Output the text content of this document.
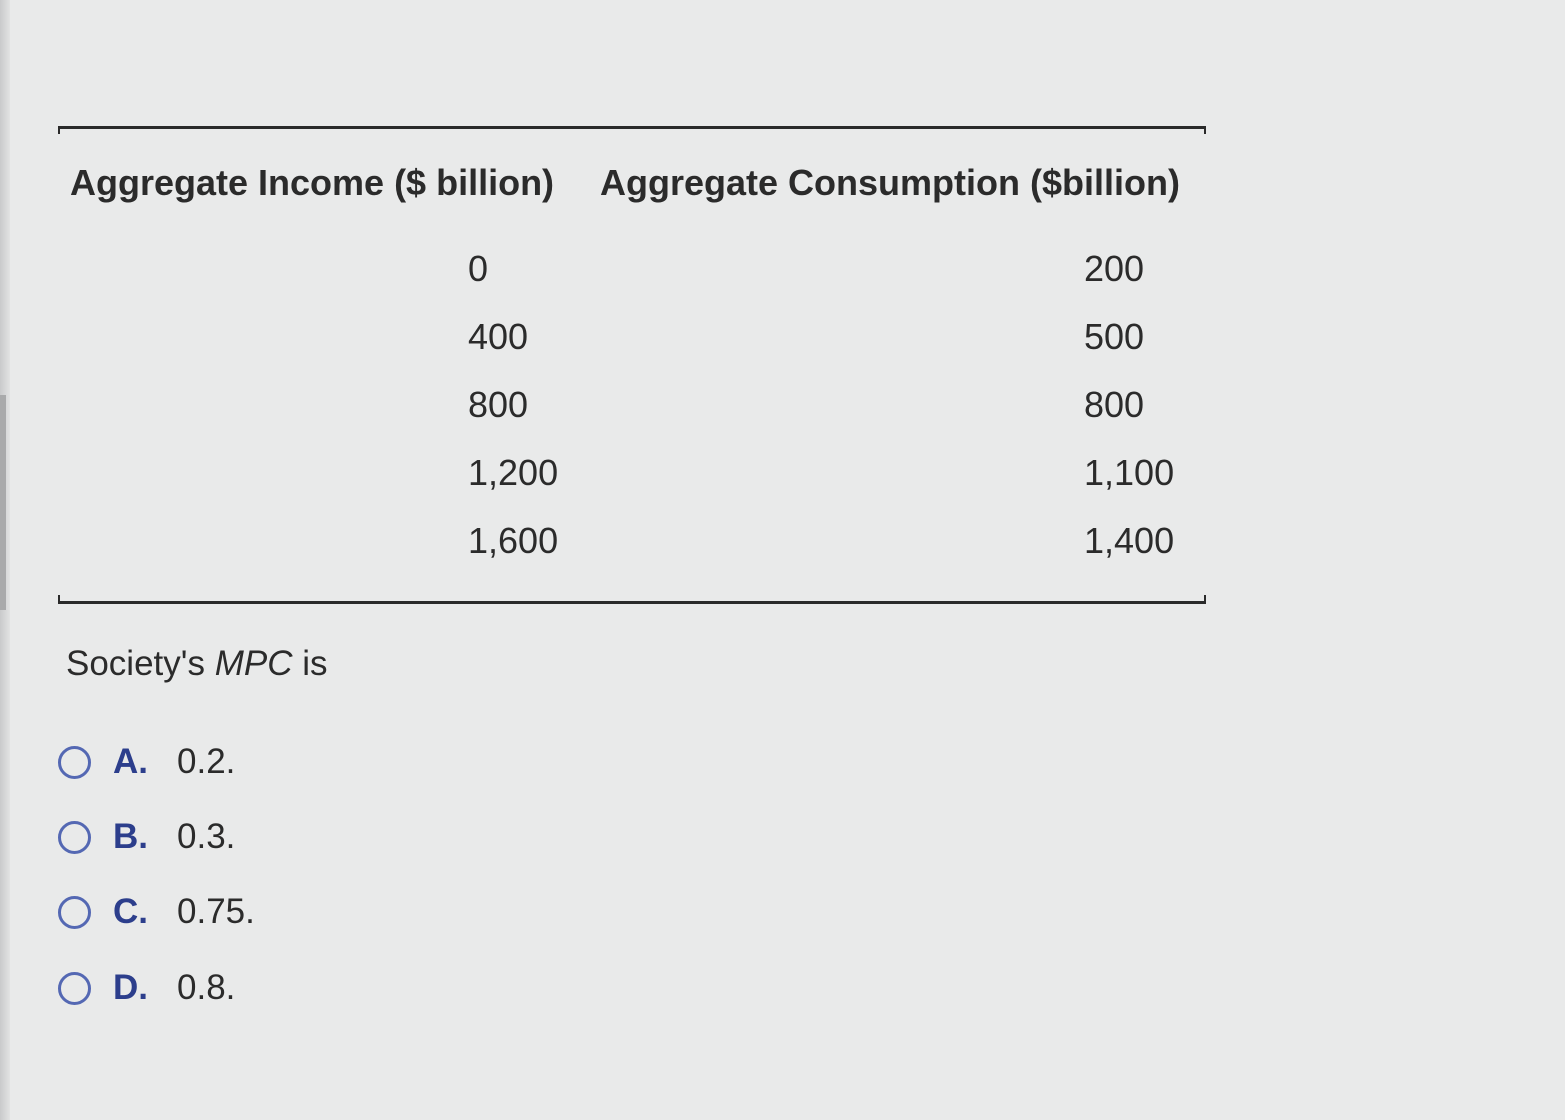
Aggregate Income ($ billion) Aggregate Consumption ($billion)
0	200
400	500
800	800
1,200	1,100
1,600	1,400
Society's MPC is
A. 0.2.
B. 0.3.
C. 0.75.
D. 0.8.
